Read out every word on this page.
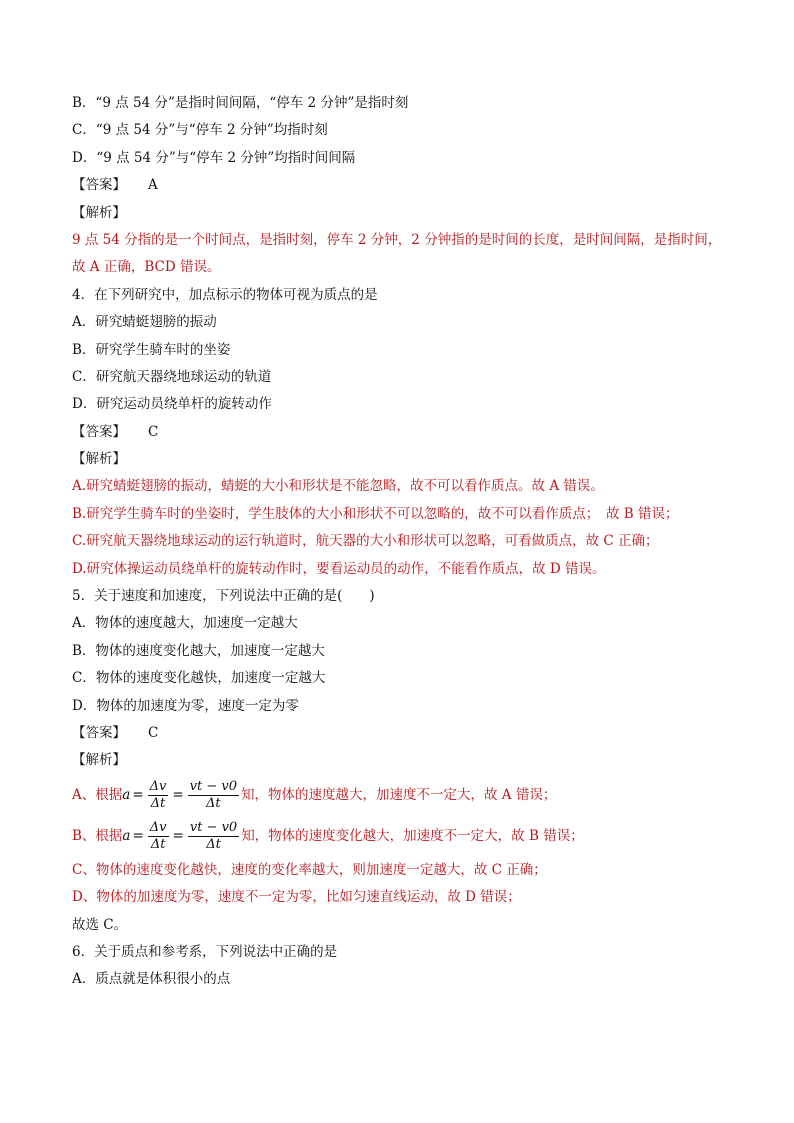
B．“9 点 54 分”是指时间间隔，“停车 2 分钟”是指时刻
C．“9 点 54 分”与“停车 2 分钟”均指时刻
D．“9 点 54 分”与“停车 2 分钟”均指时间间隔
【答案】 A
【解析】
9 点 54 分指的是一个时间点，是指时刻，停车 2 分钟，2 分钟指的是时间的长度，是时间间隔，是指时间，
故 A 正确，BCD 错误。
4．在下列研究中，加点标示的物体可视为质点的是
A．研究蜻蜓翅膀的振动
B．研究学生骑车时的坐姿
C．研究航天器绕地球运动的轨道
D．研究运动员绕单杆的旋转动作
【答案】 C
【解析】
A.研究蜻蜓翅膀的振动，蜻蜓的大小和形状是不能忽略，故不可以看作质点。故 A 错误。
B.研究学生骑车时的坐姿时，学生肢体的大小和形状不可以忽略的，故不可以看作质点；　故 B 错误；
C.研究航天器绕地球运动的运行轨道时，航天器的大小和形状可以忽略，可看做质点，故 C 正确；
D.研究体操运动员绕单杆的旋转动作时，要看运动员的动作，不能看作质点，故 D 错误。
5．关于速度和加速度，下列说法中正确的是(　　)
A．物体的速度越大，加速度一定越大
B．物体的速度变化越大，加速度一定越大
C．物体的速度变化越快，加速度一定越大
D．物体的加速度为零，速度一定为零
【答案】 C
【解析】
A、根据 $a = \frac{\Delta v}{\Delta t} = \frac{vt - v0}{\Delta t}$ 知，物体的速度越大，加速度不一定大，故 A 错误；
B、根据 $a = \frac{\Delta v}{\Delta t} = \frac{vt - v0}{\Delta t}$ 知，物体的速度变化越大，加速度不一定大，故 B 错误；
C、物体的速度变化越快，速度的变化率越大，则加速度一定越大，故 C 正确；
D、物体的加速度为零，速度不一定为零，比如匀速直线运动，故 D 错误；
故选 C。
6．关于质点和参考系，下列说法中正确的是
A．质点就是体积很小的点
